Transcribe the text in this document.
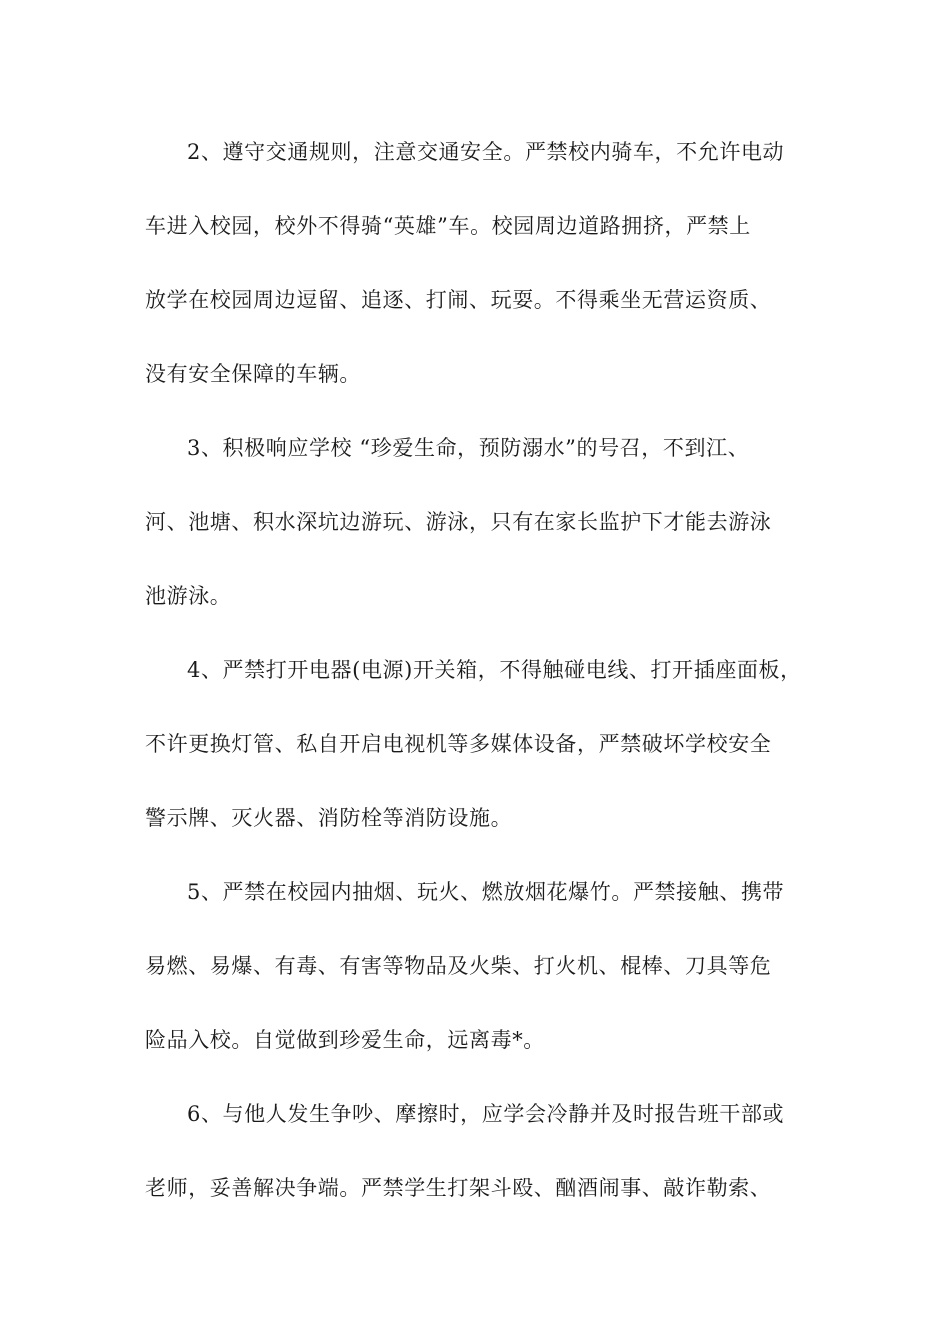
2、遵守交通规则，注意交通安全。严禁校内骑车，不允许电动
车进入校园，校外不得骑“英雄”车。校园周边道路拥挤，严禁上
放学在校园周边逗留、追逐、打闹、玩耍。不得乘坐无营运资质、
没有安全保障的车辆。
3、积极响应学校 “珍爱生命，预防溺水”的号召，不到江、
河、池塘、积水深坑边游玩、游泳，只有在家长监护下才能去游泳
池游泳。
4、严禁打开电器(电源)开关箱，不得触碰电线、打开插座面板，
不许更换灯管、私自开启电视机等多媒体设备，严禁破坏学校安全
警示牌、灭火器、消防栓等消防设施。
5、严禁在校园内抽烟、玩火、燃放烟花爆竹。严禁接触、携带
易燃、易爆、有毒、有害等物品及火柴、打火机、棍棒、刀具等危
险品入校。自觉做到珍爱生命，远离毒*。
6、与他人发生争吵、摩擦时，应学会冷静并及时报告班干部或
老师，妥善解决争端。严禁学生打架斗殴、酗酒闹事、敲诈勒索、
